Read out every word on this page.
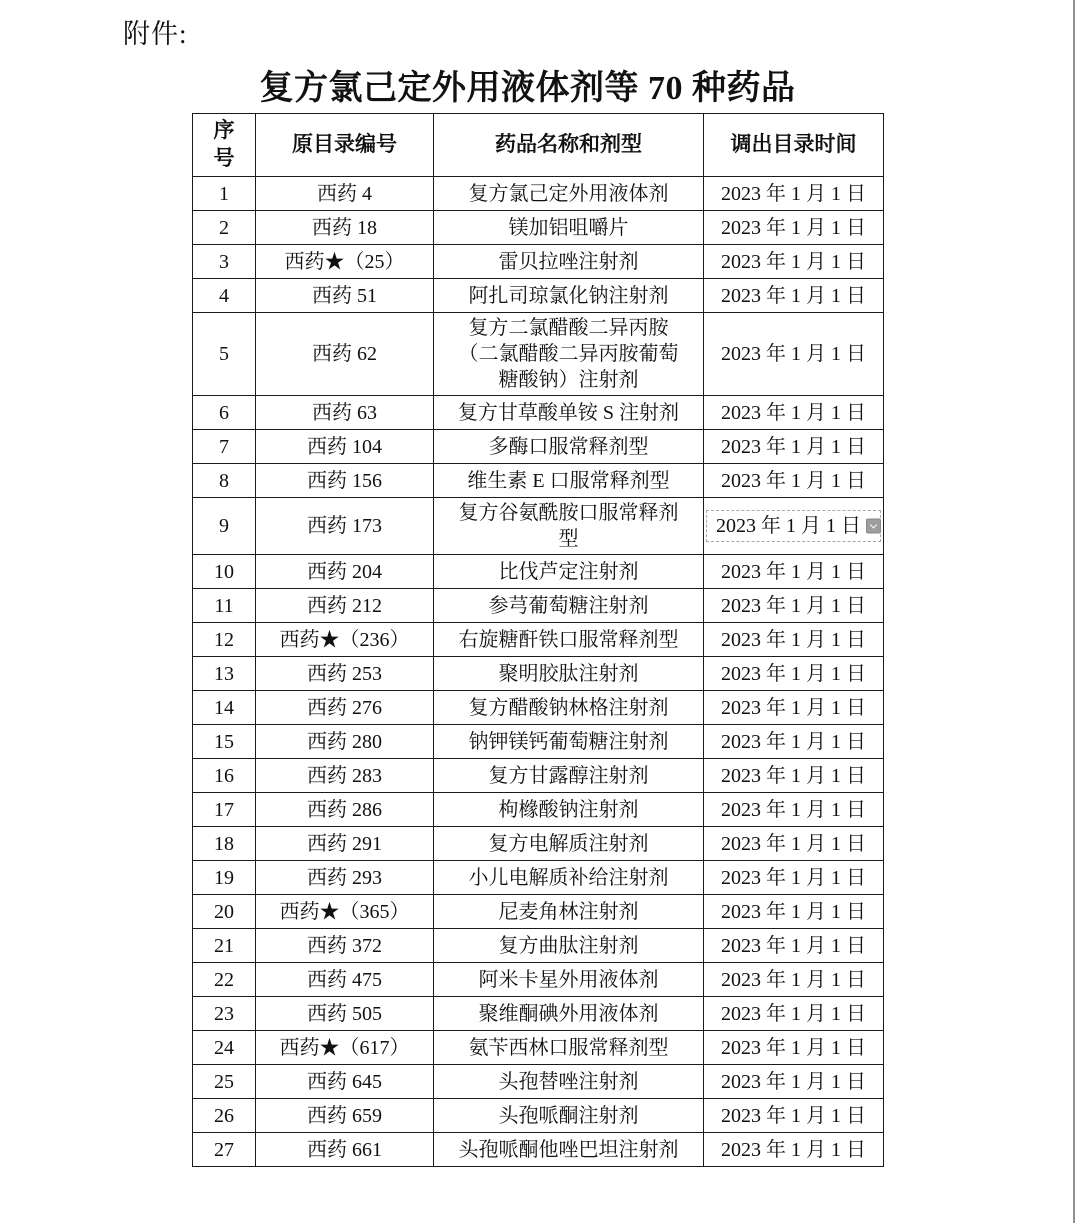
附件:
复方氯己定外用液体剂等 70 种药品
序号	原目录编号	药品名称和剂型	调出目录时间
1	西药 4	复方氯己定外用液体剂	2023 年 1 月 1 日
2	西药 18	镁加铝咀嚼片	2023 年 1 月 1 日
3	西药★（25）	雷贝拉唑注射剂	2023 年 1 月 1 日
4	西药 51	阿扎司琼氯化钠注射剂	2023 年 1 月 1 日
5	西药 62	复方二氯醋酸二异丙胺（二氯醋酸二异丙胺葡萄糖酸钠）注射剂	2023 年 1 月 1 日
6	西药 63	复方甘草酸单铵 S 注射剂	2023 年 1 月 1 日
7	西药 104	多酶口服常释剂型	2023 年 1 月 1 日
8	西药 156	维生素 E 口服常释剂型	2023 年 1 月 1 日
9	西药 173	复方谷氨酰胺口服常释剂型	2023 年 1 月 1 日

10	西药 204	比伐芦定注射剂	2023 年 1 月 1 日
11	西药 212	参芎葡萄糖注射剂	2023 年 1 月 1 日
12	西药★（236）	右旋糖酐铁口服常释剂型	2023 年 1 月 1 日
13	西药 253	聚明胶肽注射剂	2023 年 1 月 1 日
14	西药 276	复方醋酸钠林格注射剂	2023 年 1 月 1 日
15	西药 280	钠钾镁钙葡萄糖注射剂	2023 年 1 月 1 日
16	西药 283	复方甘露醇注射剂	2023 年 1 月 1 日
17	西药 286	枸橼酸钠注射剂	2023 年 1 月 1 日
18	西药 291	复方电解质注射剂	2023 年 1 月 1 日
19	西药 293	小儿电解质补给注射剂	2023 年 1 月 1 日
20	西药★（365）	尼麦角林注射剂	2023 年 1 月 1 日
21	西药 372	复方曲肽注射剂	2023 年 1 月 1 日
22	西药 475	阿米卡星外用液体剂	2023 年 1 月 1 日
23	西药 505	聚维酮碘外用液体剂	2023 年 1 月 1 日
24	西药★（617）	氨苄西林口服常释剂型	2023 年 1 月 1 日
25	西药 645	头孢替唑注射剂	2023 年 1 月 1 日
26	西药 659	头孢哌酮注射剂	2023 年 1 月 1 日
27	西药 661	头孢哌酮他唑巴坦注射剂	2023 年 1 月 1 日
